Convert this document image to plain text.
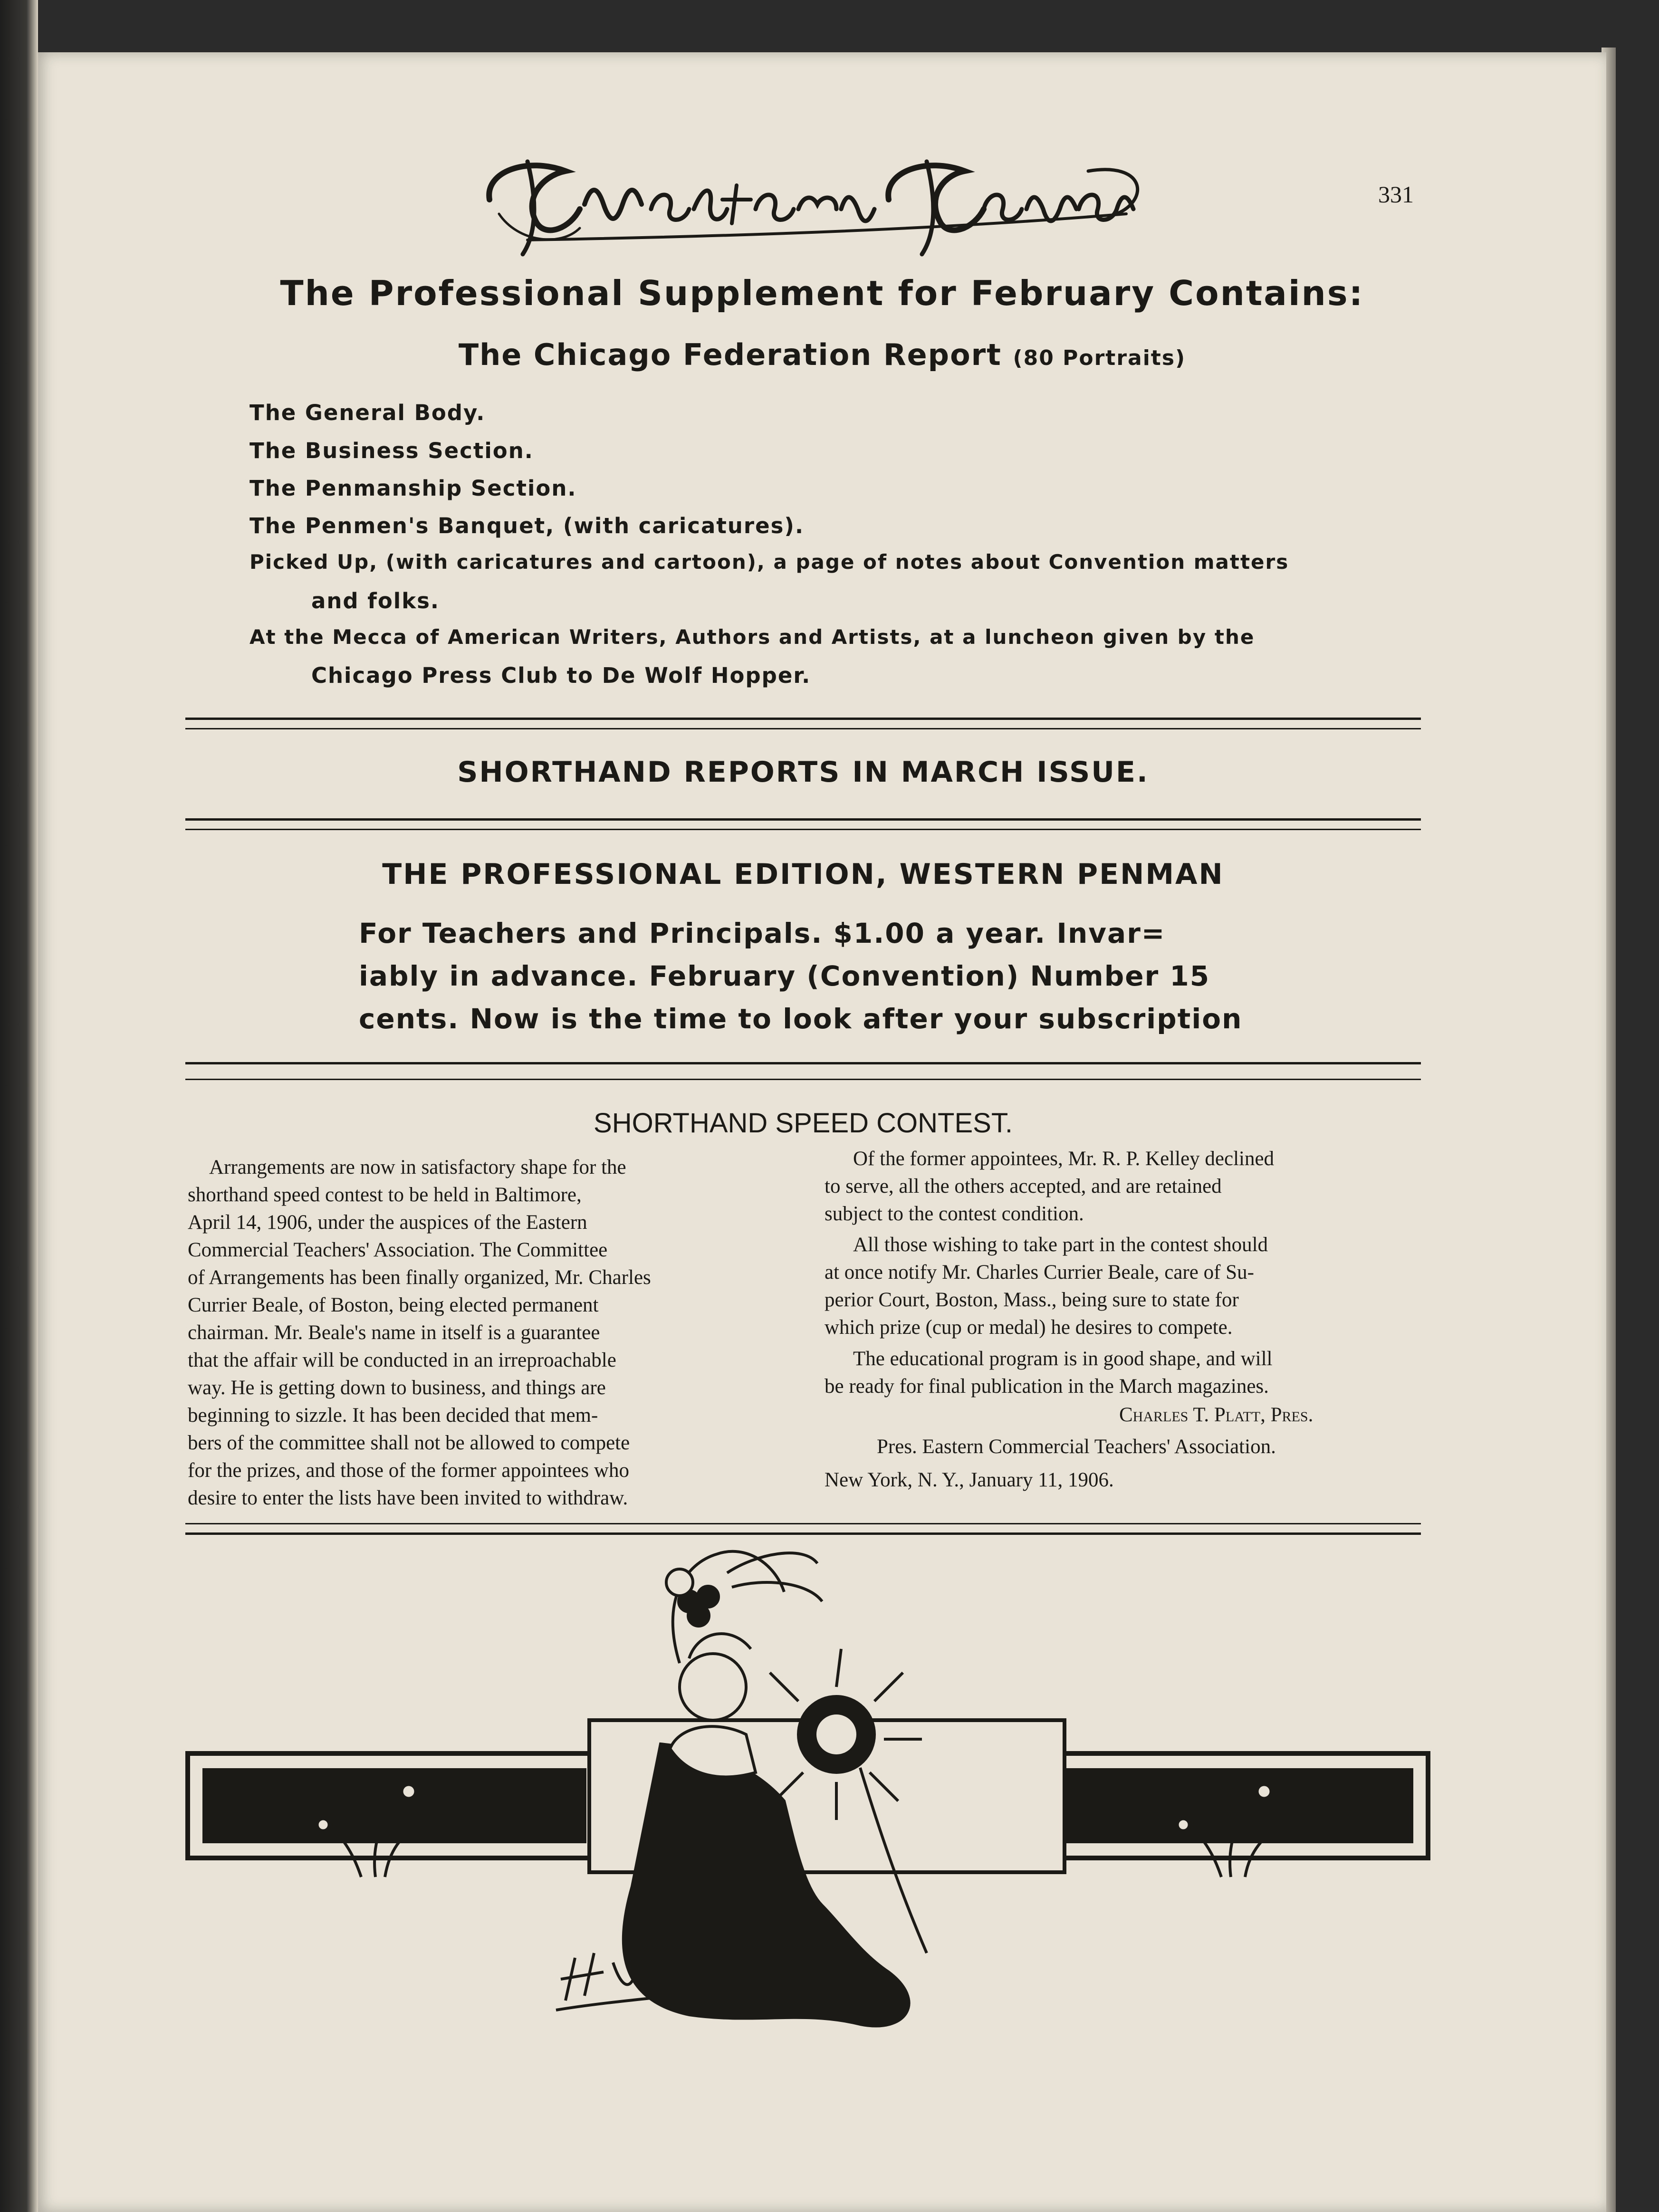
331
The Professional Supplement for February Contains:
The Chicago Federation Report (80 Portraits)
The General Body.
The Business Section.
The Penmanship Section.
The Penmen's Banquet, (with caricatures).
Picked Up, (with caricatures and cartoon), a page of notes about Convention matters
and folks.
At the Mecca of American Writers, Authors and Artists, at a luncheon given by the
Chicago Press Club to De Wolf Hopper.
SHORTHAND REPORTS IN MARCH ISSUE.
THE PROFESSIONAL EDITION, WESTERN PENMAN
For Teachers and Principals. $1.00 a year. Invar=
iably in advance. February (Convention) Number 15
cents. Now is the time to look after your subscription
SHORTHAND SPEED CONTEST.
Arrangements are now in satisfactory shape for the
shorthand speed contest to be held in Baltimore,
April 14, 1906, under the auspices of the Eastern
Commercial Teachers' Association. The Committee
of Arrangements has been finally organized, Mr. Charles
Currier Beale, of Boston, being elected permanent
chairman. Mr. Beale's name in itself is a guarantee
that the affair will be conducted in an irreproachable
way. He is getting down to business, and things are
beginning to sizzle. It has been decided that mem-
bers of the committee shall not be allowed to compete
for the prizes, and those of the former appointees who
desire to enter the lists have been invited to withdraw.
Of the former appointees, Mr. R. P. Kelley declined
to serve, all the others accepted, and are retained
subject to the contest condition.
All those wishing to take part in the contest should
at once notify Mr. Charles Currier Beale, care of Su-
perior Court, Boston, Mass., being sure to state for
which prize (cup or medal) he desires to compete.
The educational program is in good shape, and will
be ready for final publication in the March magazines.
Charles T. Platt, Pres.
Pres. Eastern Commercial Teachers' Association.
New York, N. Y., January 11, 1906.
